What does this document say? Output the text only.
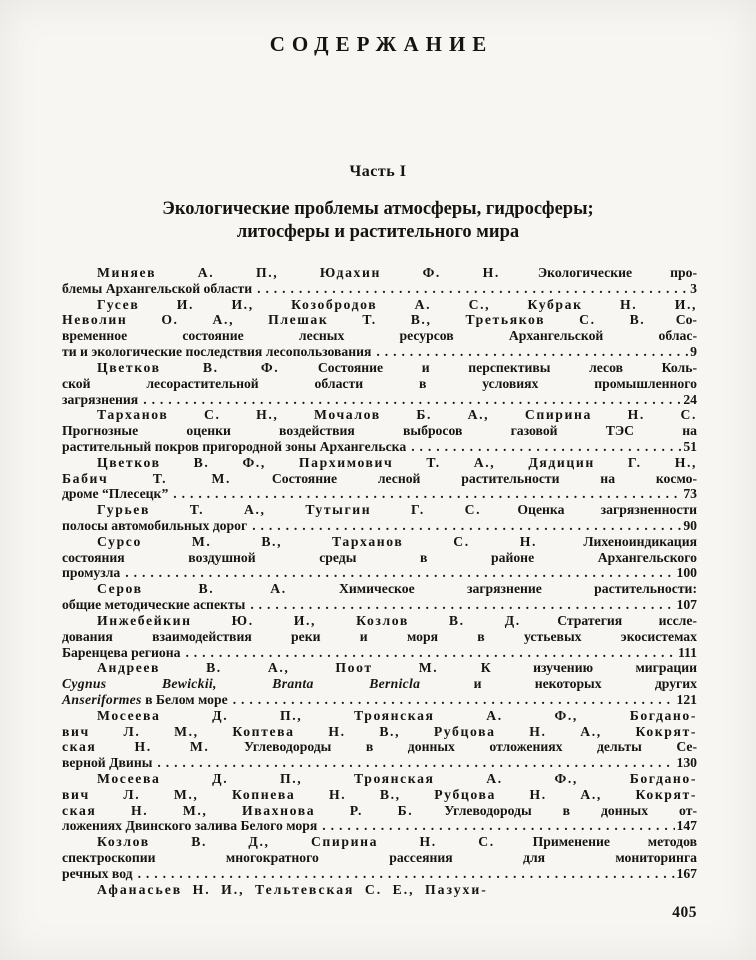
СОДЕРЖАНИЕ
Часть I
Экологические проблемы атмосферы, гидросферы;
литосферы и растительного мира
Миняев А. П., Юдахин Ф. Н. Экологические про-
блемы Архангельской области . . .	3
Гусев И. И., Козобродов А. С., Кубрак Н. И.,
Неволин О. А., Плешак Т. В., Третьяков С. В. Со-
временное состояние лесных ресурсов Архангельской облас-
ти и экологические последствия лесопользования . . .	9
Цветков В. Ф. Состояние и перспективы лесов Коль-
ской лесорастительной области в условиях промышленного
загрязнения . . .	24
Тарханов С. Н., Мочалов Б. А., Спирина Н. С.
Прогнозные оценки воздействия выбросов газовой ТЭС на
растительный покров пригородной зоны Архангельска . . .	51
Цветков В. Ф., Пархимович Т. А., Дядицин Г. Н.,
Бабич Т. М. Состояние лесной растительности на космо-
дроме “Плесецк” . . .	73
Гурьев Т. А., Тутыгин Г. С. Оценка загрязненности
полосы автомобильных дорог . . .	90
Сурсо М. В., Тарханов С. Н. Лихеноиндикация
состояния воздушной среды в районе Архангельского
промузла . . .	100
Серов В. А. Химическое загрязнение растительности:
общие методические аспекты . . .	107
Инжебейкин Ю. И., Козлов В. Д. Стратегия иссле-
дования взаимодействия реки и моря в устьевых экосистемах
Баренцева региона . . .	111
Андреев В. А., Поот М. К изучению миграции
Cygnus Bewickii, Branta Bernicla и некоторых других
Anseriformes в Белом море . . .	121
Мосеева Д. П., Троянская А. Ф., Богдано-
вич Л. М., Коптева Н. В., Рубцова Н. А., Кокрят-
ская Н. М. Углеводороды в донных отложениях дельты Се-
верной Двины . . .	130
Мосеева Д. П., Троянская А. Ф., Богдано-
вич Л. М., Копнева Н. В., Рубцова Н. А., Кокрят-
ская Н. М., Ивахнова Р. Б. Углеводороды в донных от-
ложениях Двинского залива Белого моря . . .	147
Козлов В. Д., Спирина Н. С. Применение методов
спектроскопии многократного рассеяния для мониторинга
речных вод . . .	167
Афанасьев Н. И., Тельтевская С. Е., Пазухи-
405
